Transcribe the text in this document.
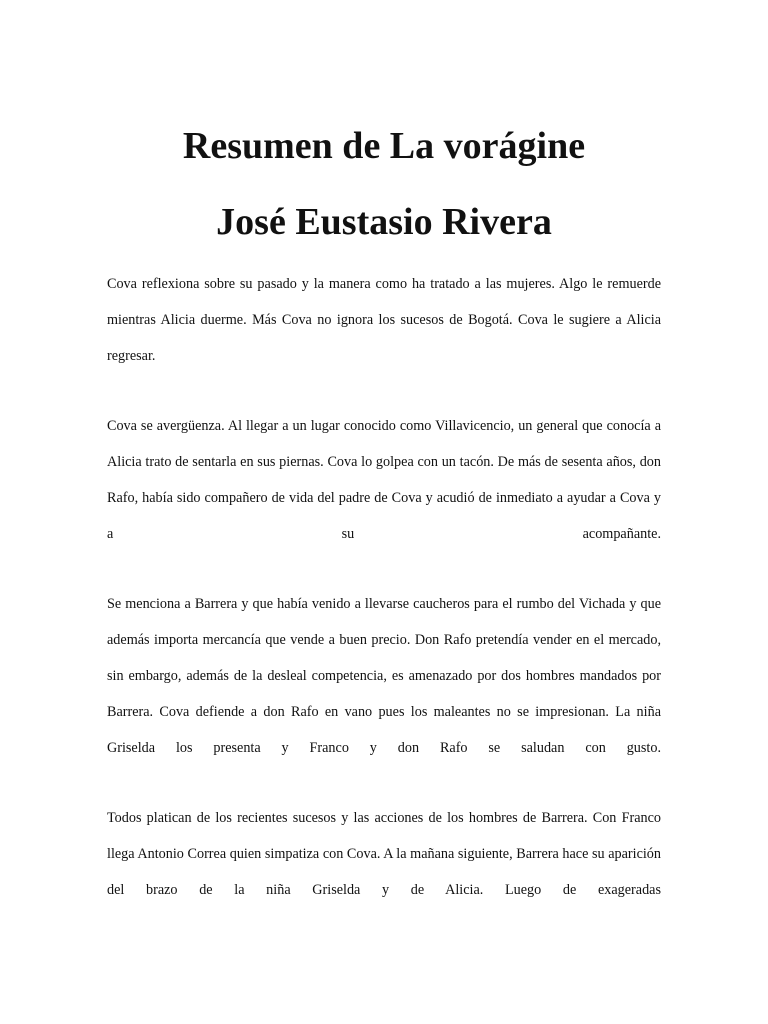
Resumen de La vorágine
José Eustasio Rivera

Cova reflexiona sobre su pasado y la manera como ha tratado a las mujeres. Algo le remuerde mientras Alicia duerme. Más Cova no ignora los sucesos de Bogotá. Cova le sugiere a Alicia regresar.

Cova se avergüenza. Al llegar a un lugar conocido como Villavicencio, un general que conocía a Alicia trato de sentarla en sus piernas. Cova lo golpea con un tacón. De más de sesenta años, don Rafo, había sido compañero de vida del padre de Cova y acudió de inmediato a ayudar a Cova y a su acompañante.

Se menciona a Barrera y que había venido a llevarse caucheros para el rumbo del Vichada y que además importa mercancía que vende a buen precio. Don Rafo pretendía vender en el mercado, sin embargo, además de la desleal competencia, es amenazado por dos hombres mandados por Barrera. Cova defiende a don Rafo en vano pues los maleantes no se impresionan. La niña Griselda los presenta y Franco y don Rafo se saludan con gusto.

Todos platican de los recientes sucesos y las acciones de los hombres de Barrera. Con Franco llega Antonio Correa quien simpatiza con Cova. A la mañana siguiente, Barrera hace su aparición del brazo de la niña Griselda y de Alicia. Luego de exageradas
